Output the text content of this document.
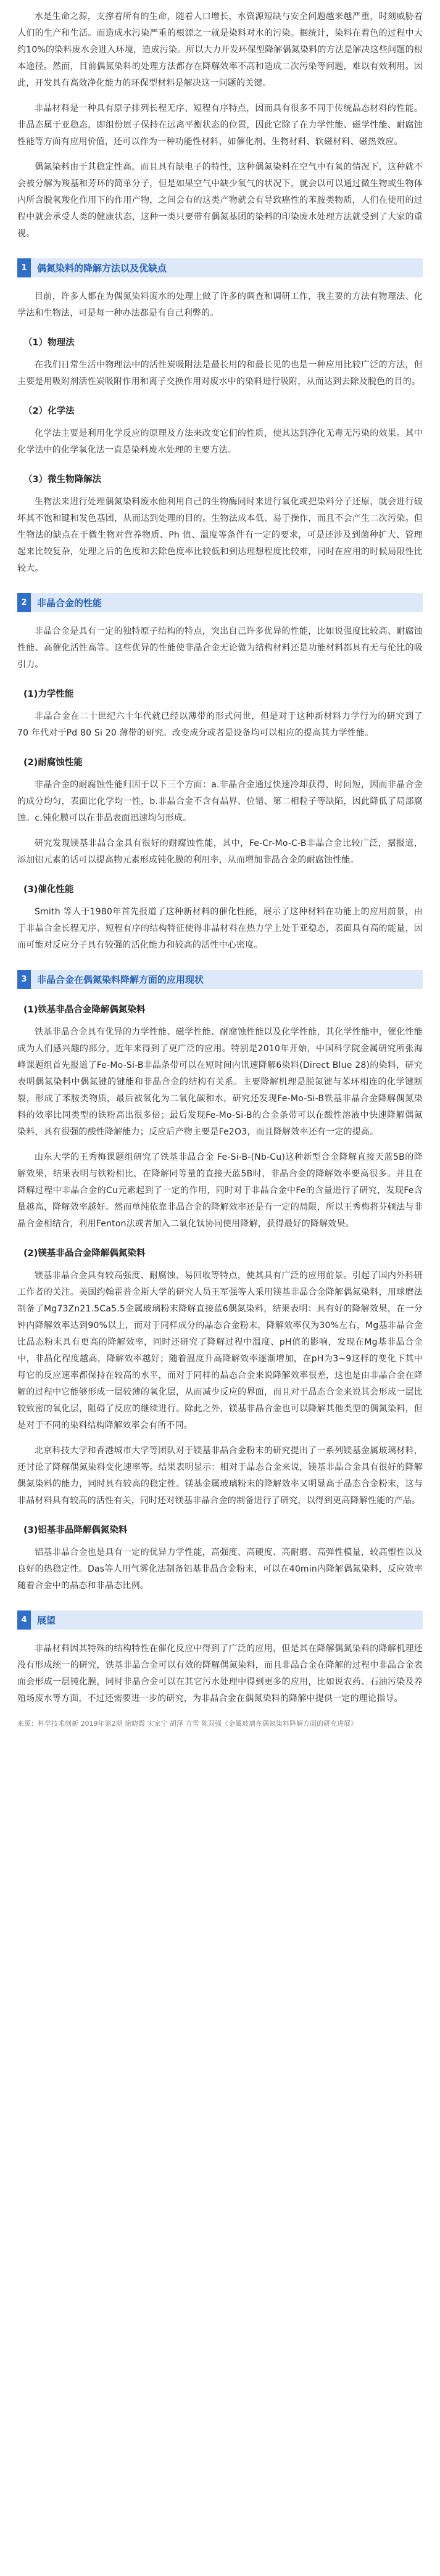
水是生命之源，支撑着所有的生命，随着人口增长，水资源短缺与安全问题越来越严重，时刻威胁着人们的生产和生活。而造成水污染严重的根源之一就是染料对水的污染。据统计，染料在着色的过程中大约10%的染料废水会进入环境，造成污染。所以大力开发环保型降解偶氮染料的方法是解决这些问题的根本途径。然而，目前偶氮染料的处理方法都存在降解效率不高和造成二次污染等问题，难以有效利用。因此，开发具有高效净化能力的环保型材料是解决这一问题的关键。

非晶材料是一种具有原子排列长程无序、短程有序特点，因而具有很多不同于传统晶态材料的性能。非晶态属于亚稳态，即组份原子保持在远离平衡状态的位置，因此它除了在力学性能、磁学性能、耐腐蚀性能等方面有应用价值，还可以作为一种功能性材料，如催化剂、生物材料、软磁材料、磁热效应。

偶氮染料由于其稳定性高，而且具有缺电子的特性，这种偶氮染料在空气中有氧的情况下，这种就不会被分解为羧基和芳环的简单分子，但是如果空气中缺少氧气的状况下，就会以可以通过微生物或生物体内所含脱氧羧化作用下的作用产物，之间会有的这类产物就会有导致癌性的苯胺类物质，人们在使用的过程中就会承受人类的健康状态，这种一类只要带有偶氮基团的染料的印染废水处理方法就受到了大家的重视。

1	偶氮染料的降解方法以及优缺点

目前，许多人都在为偶氮染料废水的处理上做了许多的调查和调研工作，我主要的方法有物理法、化学法和生物法，可是每一种办法都是有自己利弊的。

（1）物理法

在我们日常生活中物理法中的活性炭吸附法是最长用的和最长见的也是一种应用比较广泛的方法，但主要是用吸附剂活性炭吸附作用和离子交换作用对废水中的染料进行吸附，从而达到去除及脱色的目的。

（2）化学法

化学法主要是利用化学反应的原理及方法来改变它们的性质，使其达到净化无毒无污染的效果。其中化学法中的化学氧化法一直是染料废水处理的主要方法。

（3）微生物降解法

生物法来进行处理偶氮染料废水他利用自己的生物酶同时来进行氧化或把染料分子还原，就会进行破坏其不饱和键和发色基团，从而达到处理的目的。生物法成本低、易于操作，而且不会产生二次污染。但生物法的缺点在于微生物对营养物质、Ph 值、温度等条件有一定的要求，可是还涉及到菌种扩大、管理起来比较复杂，处理之后的色度和去除色度率比较低和到达理想程度比较难，同时在应用的时候局限性比较大。

2	非晶合金的性能

非晶合金是具有一定的独特原子结构的特点，突出自己许多优异的性能，比如说强度比较高、耐腐蚀性能、高催化活性高等。这些优异的性能使非晶合金无论做为结构材料还是功能材料都具有无与伦比的吸引力。

(1)力学性能

非晶合金在二十世纪六十年代就已经以薄带的形式问世，但是对于这种新材料力学行为的研究到了 70 年代对于Pd 80 Si 20 薄带的研究。改变成分或者是设备均可以相应的提高其力学性能。

(2)耐腐蚀性能

非晶合金的耐腐蚀性能归因于以下三个方面：a.非晶合金通过快速冷却获得，时间短，因而非晶合金的成分均匀，表面比化学均一性，b.非晶合金不含有晶界、位错、第二相粒子等缺陷，因此降低了局部腐蚀。c.钝化膜可以在非晶表面迅速均匀形成。

研究发现镁基非晶合金具有很好的耐腐蚀性能，其中，Fe-Cr-Mo-C-B非晶合金比较广泛，据报道，添加铝元素的话可以提高物元素形成钝化膜的利用率，从而增加非晶合金的耐腐蚀性能。

(3)催化性能

Smith 等人于1980年首先报道了这种新材料的催化性能，展示了这种材料在功能上的应用前景，由于非晶合金长程无序、短程有序的结构特征使得非晶材料在热力学上处于亚稳态，表面具有高的能量，因而可能对反应分子具有较强的活化能力和较高的活性中心密度。

3	非晶合金在偶氮染料降解方面的应用现状
(1)铁基非晶合金降解偶氮染料

铁基非晶合金具有优异的力学性能、磁学性能、耐腐蚀性能以及化学性能，其化学性能中，催化性能成为人们感兴趣的部分，近年来得到了更广泛的应用。特别是2010年开始，中国科学院金属研究所张海峰课题组首先报道了Fe-Mo-Si-B非晶条带可以在短时间内讯速降解6染料(Direct Blue 28)的染料，研究表明偶氮染料中偶氮键的键能和非晶合金的结构有关系。主要降解机理是脱氮键与苯环相连的化学键断裂，形成了苯胺类物质，最后被氧化为二氧化碳和水，研究还发现Fe-Mo-Si-B铁基非晶合金降解偶氮染料的效率比同类型的铁粉高出很多倍；最后发现Fe-Mo-Si-B的合金条带可以在酸性溶液中快速降解偶氮染料，具有很强的酸性降解能力；反应后产物主要是Fe2O3，而且降解效率还有一定的提高。

山东大学的王秀梅课题组研究了铁基非晶合金 Fe-Si-B-(Nb-Cu)这种新型合金降解直接天蓝5B的降解效果，结果表明与铁粉相比，在降解同等量的直接天蓝5B时，非晶合金的降解效率要高很多。并且在降解过程中非晶合金的Cu元素起到了一定的作用，同时对于非晶合金中Fe的含量进行了研究，发现Fe含量越高，降解效率越好。然而单纯依靠非晶合金的降解效率还是有一定的局限，所以王秀梅将芬顿法与非晶合金相结合，利用Fenton法或者加入二氧化钛协同使用降解，获得最好的降解效果。

(2)镁基非晶合金降解偶氮染料

镁基非晶合金具有较高强度、耐腐蚀、易回收等特点，使其具有广泛的应用前景。引起了国内外科研工作者的关注。美国约翰霍普金斯大学的研究人员王军强等人采用镁基非晶合金降解偶氮染料，用球磨法制备了Mg73Zn21.5Ca5.5金属玻璃粉末降解直接蓝6偶氮染料，结果表明：具有好的降解效果，在一分钟内降解效率达到90%以上，而对于同样成分的晶态合金粉末，降解效率仅为30%左右，Mg基非晶合金比晶态粉末具有更高的降解效率，同时还研究了降解过程中温度、pH值的影响，发现在Mg基非晶合金中，非晶化程度越高，降解效率越好；随着温度升高降解效率逐渐增加，在pH为3~9这样的变化下其中每它的反应速率都保持在较高的水平，而对于同样的晶态合金来说降解效率很差，这也是由非晶合金在降解的过程中它能够形成一层较薄的氧化层，从而减少反应的界面，而且对于晶态合金来说其会形成一层比较致密的氧化层，阻碍了反应的继续进行。除此之外，镁基非晶合金也可以降解其他类型的偶氮染料，但是对于不同的染料结构降解效率会有所不同。

北京科技大学和香港城市大学等团队对于镁基非晶合金粉末的研究提出了一系列镁基金属玻璃材料，还讨论了降解偶氮染料变化速率等。结果表明显示：相对于晶态合金来说，镁基非晶合金具有很好的降解偶氮染料的能力，同时具有较高的稳定性。镁基金属玻璃粉末的降解效率又明显高于晶态合金粉末，这与非晶材料具有较高的活性有关，同时还对镁基非晶合金的制备进行了研究，以得到更高降解性能的产品。

(3)铝基非晶降解偶氮染料

铝基非晶合金也是具有一定的优异力学性能，高强度、高硬度、高耐磨、高弹性模量，较高塑性以及良好的热稳定性。Das等人用气雾化法制备铝基非晶合金粉末，可以在40min内降解偶氮染料，反应效率随着合金中的晶态和非晶态比例。

4	展望

非晶材料因其特殊的结构特性在催化反应中得到了广泛的应用，但是其在降解偶氮染料的降解机理还没有形成统一的研究，铁基非晶合金可以有效的降解偶氮染料，而且非晶合金在降解的过程中非晶合金表面会形成一层钝化膜，同时非晶合金可以在其它污水处理中得到更多的应用，比如说农药、石油污染及养殖场废水等方面，不过还需要进一步的研究，为非晶合金在偶氮染料的降解中提供一定的理论指导。

来源：科学技术创新 2019年第2期 徐晓霞 宋家宁 胡泽 方雪 陈双强《金属玻璃在偶氮染料降解方面的研究进展》
